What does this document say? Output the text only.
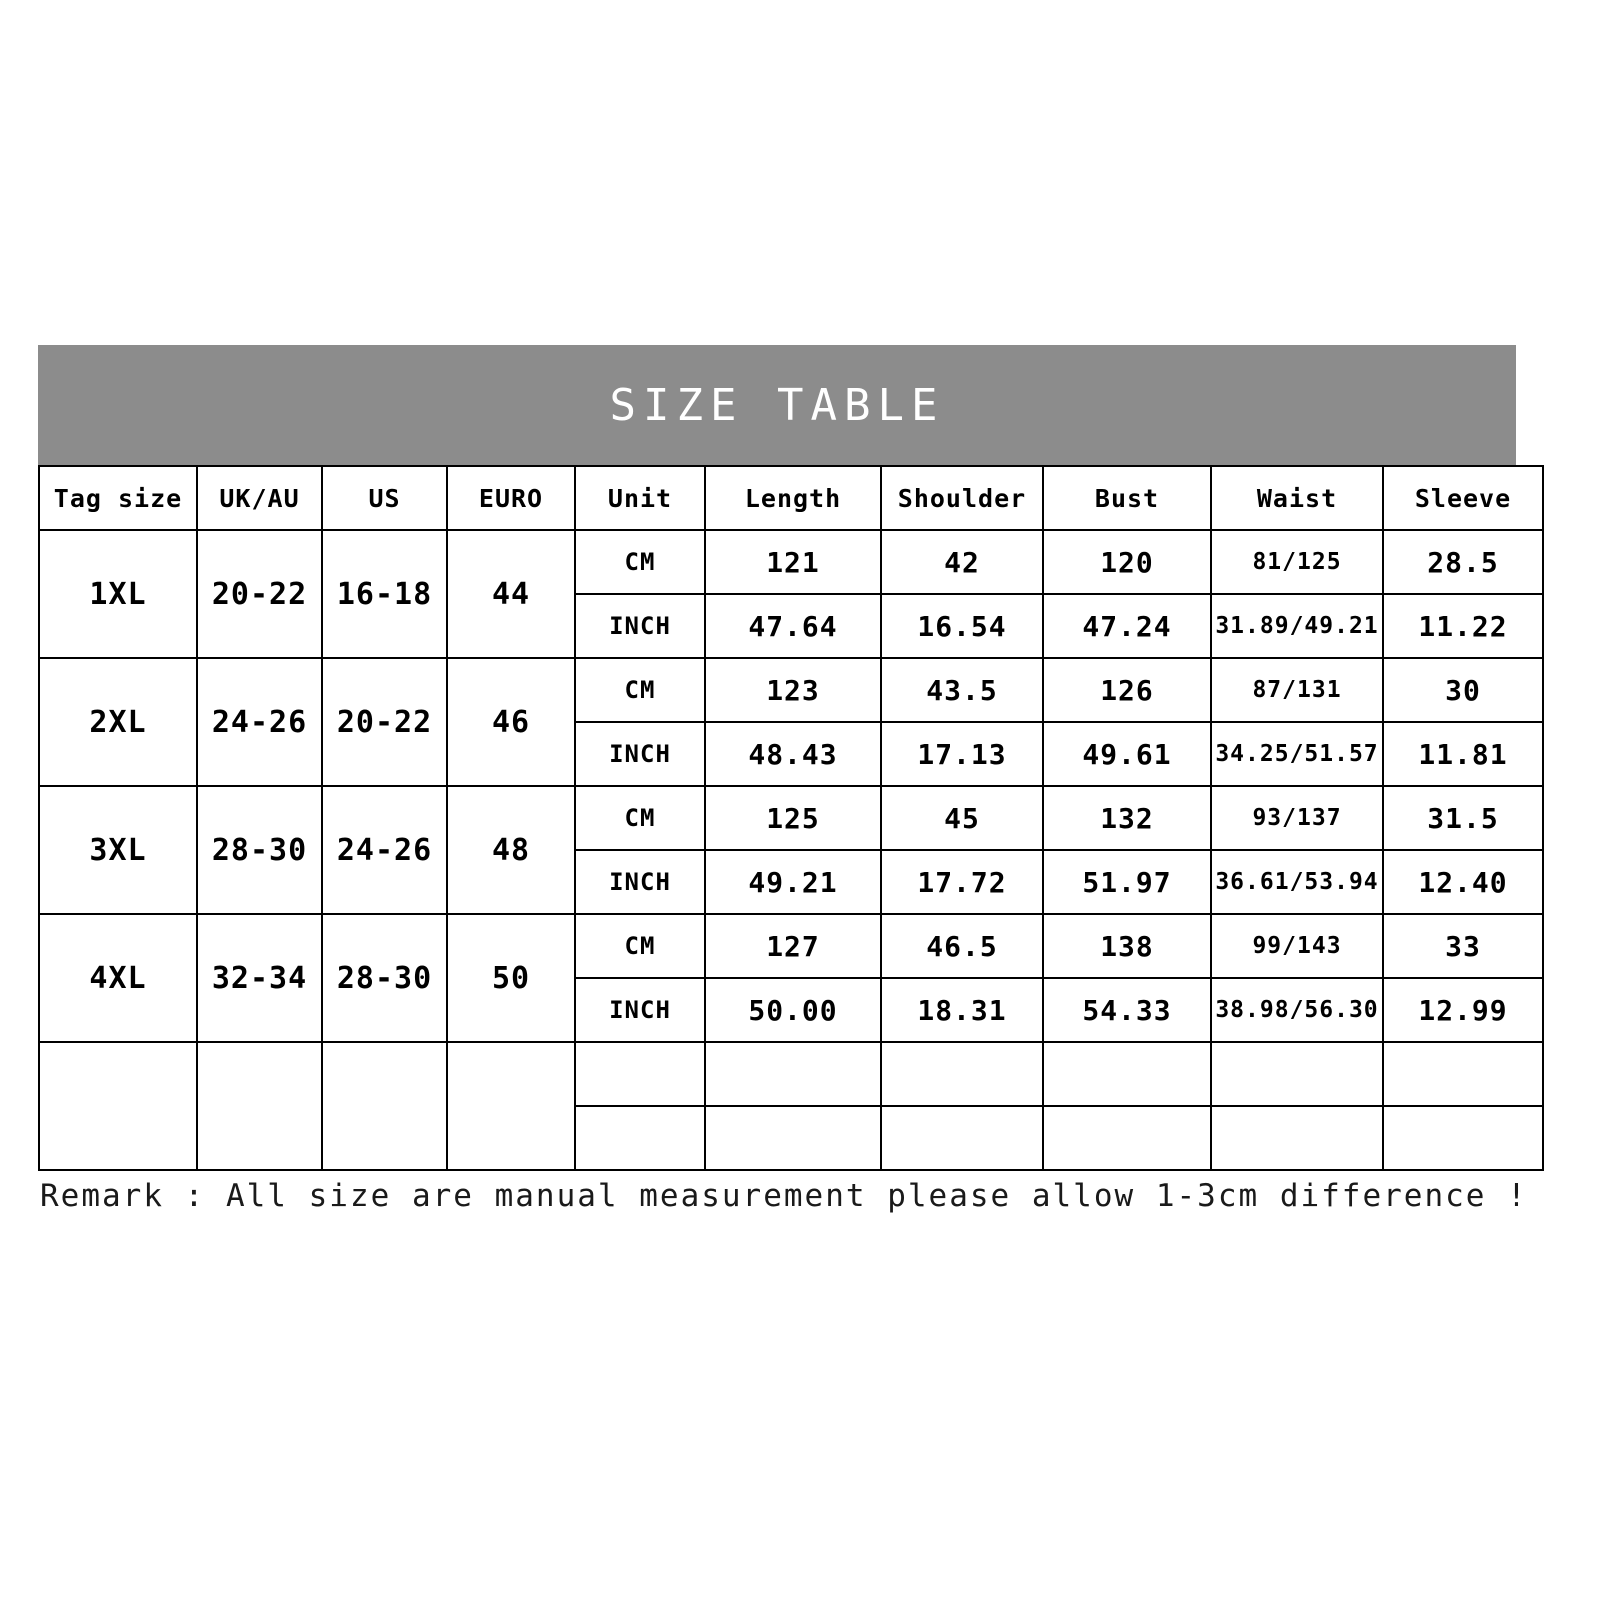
SIZE TABLE
Tag size	UK/AU	US	EURO	Unit	Length	Shoulder	Bust	Waist	Sleeve
1XL	20-22	16-18	44	CM	121	42	120	81/125	28.5
				INCH	47.64	16.54	47.24	31.89/49.21	11.22
2XL	24-26	20-22	46	CM	123	43.5	126	87/131	30
				INCH	48.43	17.13	49.61	34.25/51.57	11.81
3XL	28-30	24-26	48	CM	125	45	132	93/137	31.5
				INCH	49.21	17.72	51.97	36.61/53.94	12.40
4XL	32-34	28-30	50	CM	127	46.5	138	99/143	33
				INCH	50.00	18.31	54.33	38.98/56.30	12.99

Remark : All size are manual measurement please allow 1-3cm difference !
